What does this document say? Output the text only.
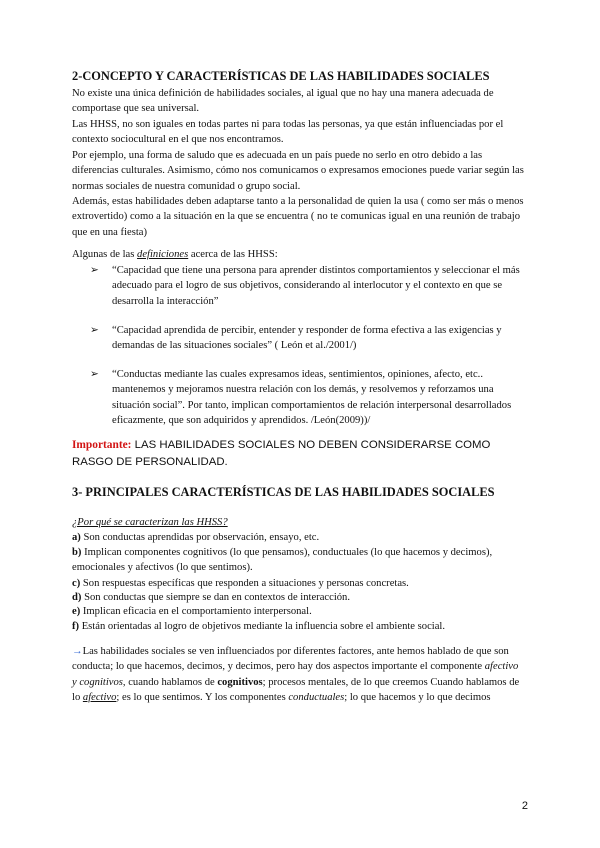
2-CONCEPTO Y CARACTERÍSTICAS DE LAS HABILIDADES SOCIALES
No existe una única definición de habilidades sociales, al igual que no hay una manera adecuada de comportase que sea universal.
Las HHSS, no son iguales en todas partes ni para todas las personas, ya que están influenciadas por el contexto sociocultural en el que nos encontramos.
Por ejemplo, una forma de saludo que es adecuada en un país puede no serlo en otro debido a las diferencias culturales. Asimismo, cómo nos comunicamos o expresamos emociones puede variar según las normas sociales de nuestra comunidad o grupo social.
Además, estas habilidades deben adaptarse tanto a la personalidad de quien la usa ( como ser más o menos extrovertido) como a la situación en la que se encuentra ( no te comunicas igual en una reunión de trabajo que en una fiesta)
Algunas de las definiciones acerca de las HHSS:
➢	“Capacidad que tiene una persona para aprender distintos comportamientos y seleccionar el más adecuado para el logro de sus objetivos, considerando al interlocutor y el contexto en que se desarrolla la interacción”
➢	“Capacidad aprendida de percibir, entender y responder de forma efectiva a las exigencias y demandas de las situaciones sociales” ( León et al./2001/)
➢	“Conductas mediante las cuales expresamos ideas, sentimientos, opiniones, afecto, etc.. mantenemos y mejoramos nuestra relación con los demás, y resolvemos y reforzamos una situación social”. Por tanto, implican comportamientos de relación interpersonal desarrollados eficazmente, que son adquiridos y aprendidos. /León(2009))/
Importante: LAS HABILIDADES SOCIALES NO DEBEN CONSIDERARSE COMO RASGO DE PERSONALIDAD.
3- PRINCIPALES CARACTERÍSTICAS DE LAS HABILIDADES SOCIALES
¿Por qué se caracterizan las HHSS?
a) Son conductas aprendidas por observación, ensayo, etc.
b) Implican componentes cognitivos (lo que pensamos), conductuales (lo que hacemos y decimos), emocionales y afectivos (lo que sentimos).
c) Son respuestas específicas que responden a situaciones y personas concretas.
d) Son conductas que siempre se dan en contextos de interacción.
e) Implican eficacia en el comportamiento interpersonal.
f) Están orientadas al logro de objetivos mediante la influencia sobre el ambiente social.
→Las habilidades sociales se ven influenciados por diferentes factores, ante hemos hablado de que son conducta; lo que hacemos, decimos, y decimos, pero hay dos aspectos importante el componente afectivo y cognitivos, cuando hablamos de cognitivos; procesos mentales, de lo que creemos Cuando hablamos de lo afectivo; es lo que sentimos. Y los componentes conductuales; lo que hacemos y lo que decimos
2
